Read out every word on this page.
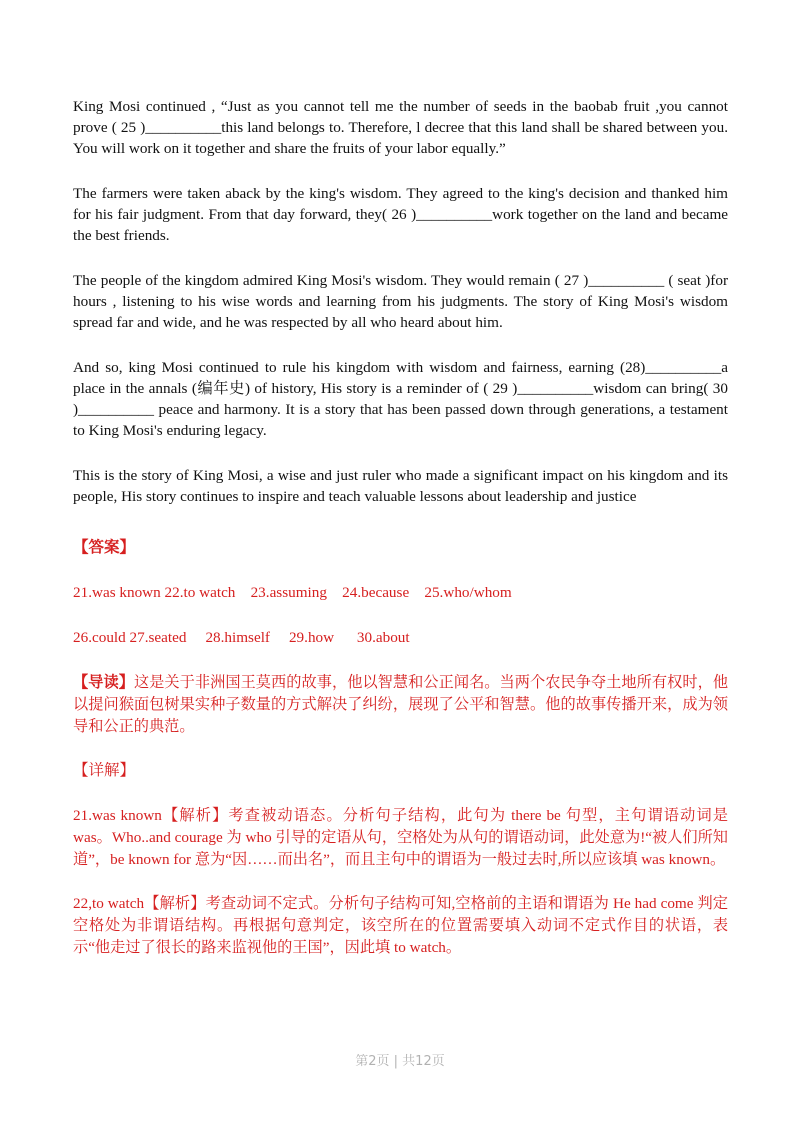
King Mosi continued , “Just as you cannot tell me the number of seeds in the baobab fruit ,you cannot prove ( 25 )__________this land belongs to. Therefore, l decree that this land shall be shared between you. You will work on it together and share the fruits of your labor equally.”

The farmers were taken aback by the king's wisdom. They agreed to the king's decision and thanked him for his fair judgment. From that day forward, they( 26 )__________work together on the land and became the best friends.

The people of the kingdom admired King Mosi's wisdom. They would remain ( 27 )__________ ( seat )for hours , listening to his wise words and learning from his judgments. The story of King Mosi's wisdom spread far and wide, and he was respected by all who heard about him.

And so, king Mosi continued to rule his kingdom with wisdom and fairness, earning (28)__________a place in the annals (编年史) of history, His story is a reminder of ( 29 )__________wisdom can bring( 30 )__________ peace and harmony. It is a story that has been passed down through generations, a testament to King Mosi's enduring legacy.

This is the story of King Mosi, a wise and just ruler who made a significant impact on his kingdom and its people, His story continues to inspire and teach valuable lessons about leadership and justice

【答案】

21.was known 22.to watch    23.assuming    24.because    25.who/whom

26.could 27.seated     28.himself     29.how      30.about

【导读】这是关于非洲国王莫西的故事，他以智慧和公正闻名。当两个农民争夺土地所有权时，他以提问猴面包树果实种子数量的方式解决了纠纷，展现了公平和智慧。他的故事传播开来，成为领导和公正的典范。

【详解】

21.was known【解析】考查被动语态。分析句子结构，此句为 there be 句型，主句谓语动词是 was。Who..and courage 为 who 引导的定语从句，空格处为从句的谓语动词，此处意为!“被人们所知道”，be known for 意为“因……而出名”，而且主句中的谓语为一般过去时,所以应该填 was known。

22,to watch【解析】考查动词不定式。分析句子结构可知,空格前的主语和谓语为 He had come 判定空格处为非谓语结构。再根据句意判定，该空所在的位置需要填入动词不定式作目的状语，表示“他走过了很长的路来监视他的王国”，因此填 to watch。

第2页 | 共12页
